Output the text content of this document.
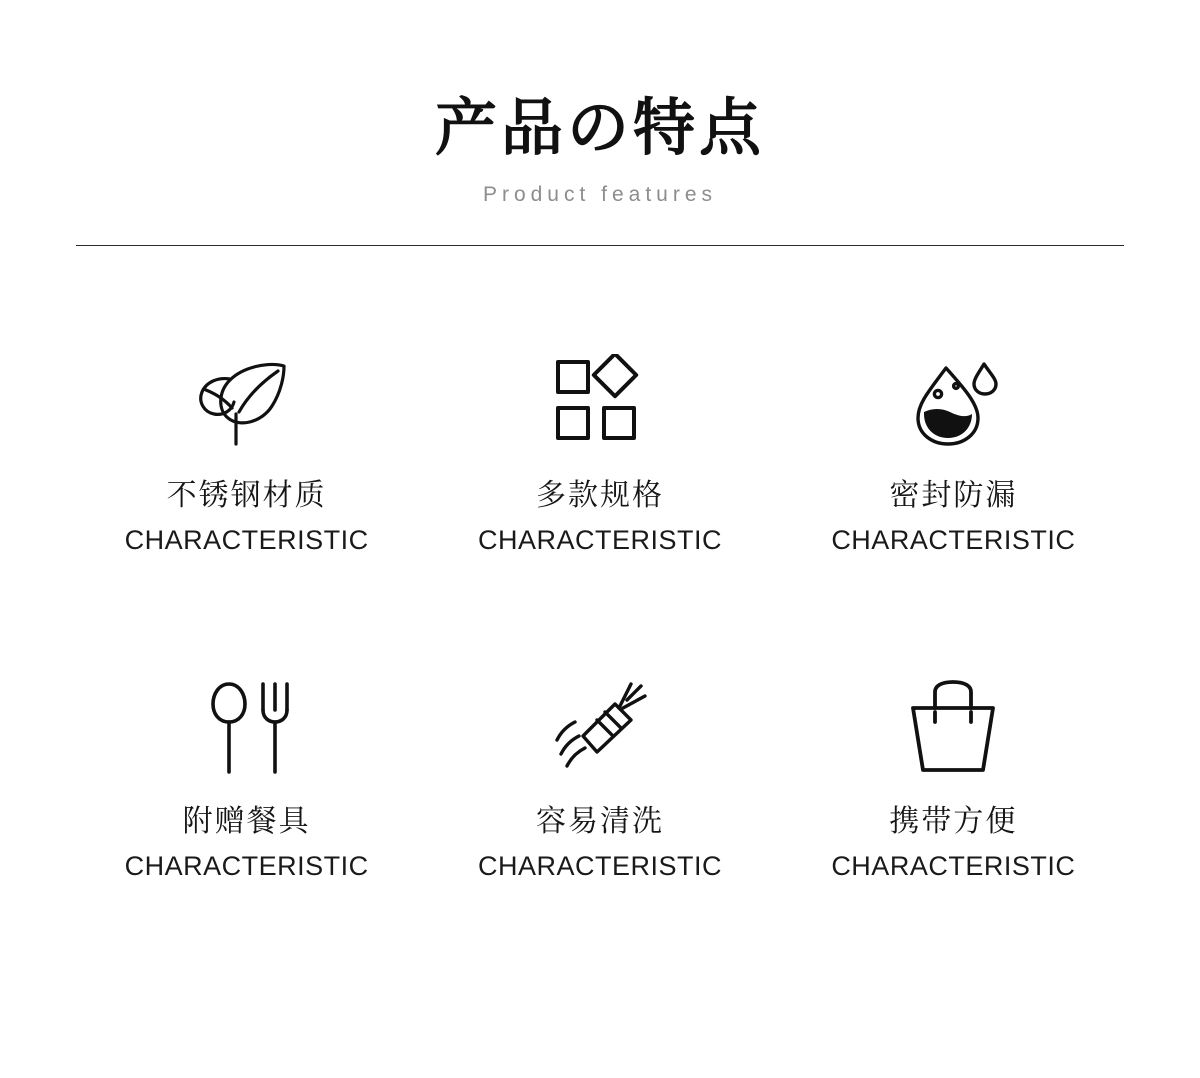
产品の特点
Product features
不锈钢材质
CHARACTERISTIC
多款规格
CHARACTERISTIC
密封防漏
CHARACTERISTIC
附赠餐具
CHARACTERISTIC
容易清洗
CHARACTERISTIC
携带方便
CHARACTERISTIC
